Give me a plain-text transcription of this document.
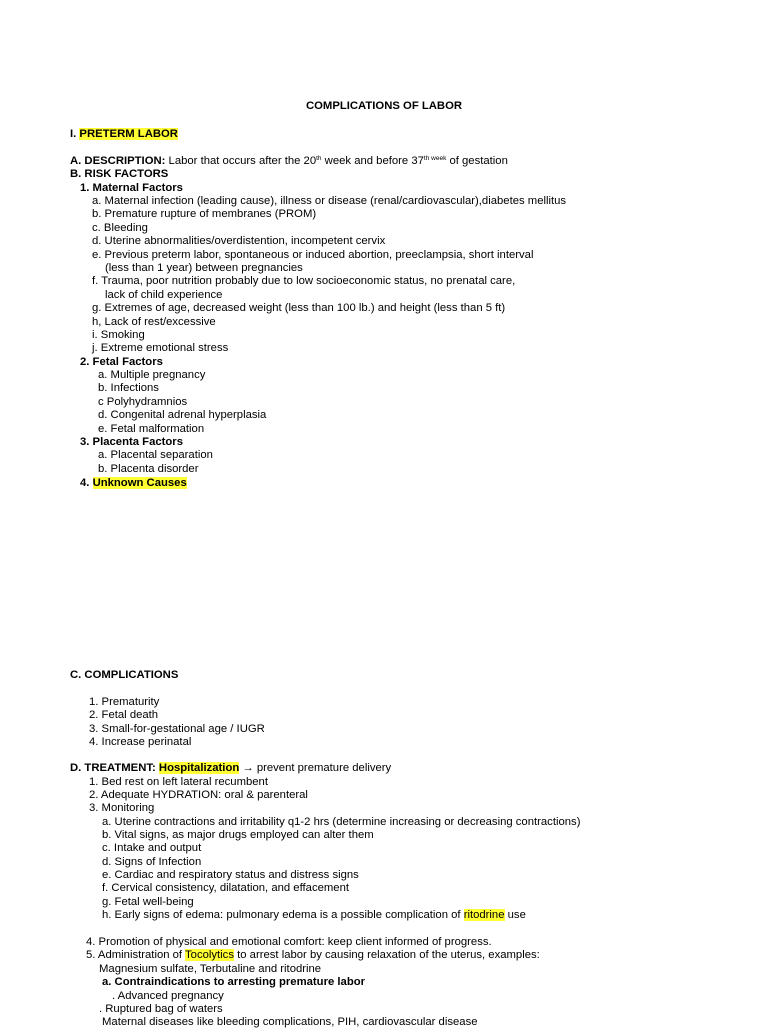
COMPLICATIONS OF LABOR
I. PRETERM LABOR
A. DESCRIPTION: Labor that occurs after the 20th week and before $37^{th week}$ of gestation
B. RISK FACTORS
1. Maternal Factors
a. Maternal infection (leading cause), illness or disease (renal/cardiovascular),diabetes mellitus
b. Premature rupture of membranes (PROM)
c. Bleeding
d. Uterine abnormalities/overdistention, incompetent cervix
e. Previous preterm labor, spontaneous or induced abortion, preeclampsia, short interval
(less than 1 year) between pregnancies
f. Trauma, poor nutrition probably due to low socioeconomic status, no prenatal care,
lack of child experience
g. Extremes of age, decreased weight (less than 100 lb.) and height (less than 5 ft)
h, Lack of rest/excessive
i. Smoking
j. Extreme emotional stress
2. Fetal Factors
a. Multiple pregnancy
b. Infections
c Polyhydramnios
d. Congenital adrenal hyperplasia
e. Fetal malformation
3. Placenta Factors
a. Placental separation
b. Placenta disorder
4. Unknown Causes
C. COMPLICATIONS
1. Prematurity
2. Fetal death
3. Small-for-gestational age / IUGR
4. Increase perinatal
D. TREATMENT: Hospitalization → prevent premature delivery
1. Bed rest on left lateral recumbent
2. Adequate HYDRATION: oral & parenteral
3. Monitoring
a. Uterine contractions and irritability q1-2 hrs (determine increasing or decreasing contractions)
b. Vital signs, as major drugs employed can alter them
c. Intake and output
d. Signs of Infection
e. Cardiac and respiratory status and distress signs
f. Cervical consistency, dilatation, and effacement
g. Fetal well-being
h. Early signs of edema: pulmonary edema is a possible complication of ritodrine use
4. Promotion of physical and emotional comfort: keep client informed of progress.
5. Administration of Tocolytics to arrest labor by causing relaxation of the uterus, examples:
Magnesium sulfate, Terbutaline and ritodrine
a. Contraindications to arresting premature labor
. Advanced pregnancy
. Ruptured bag of waters
Maternal diseases like bleeding complications, PIH, cardiovascular disease
